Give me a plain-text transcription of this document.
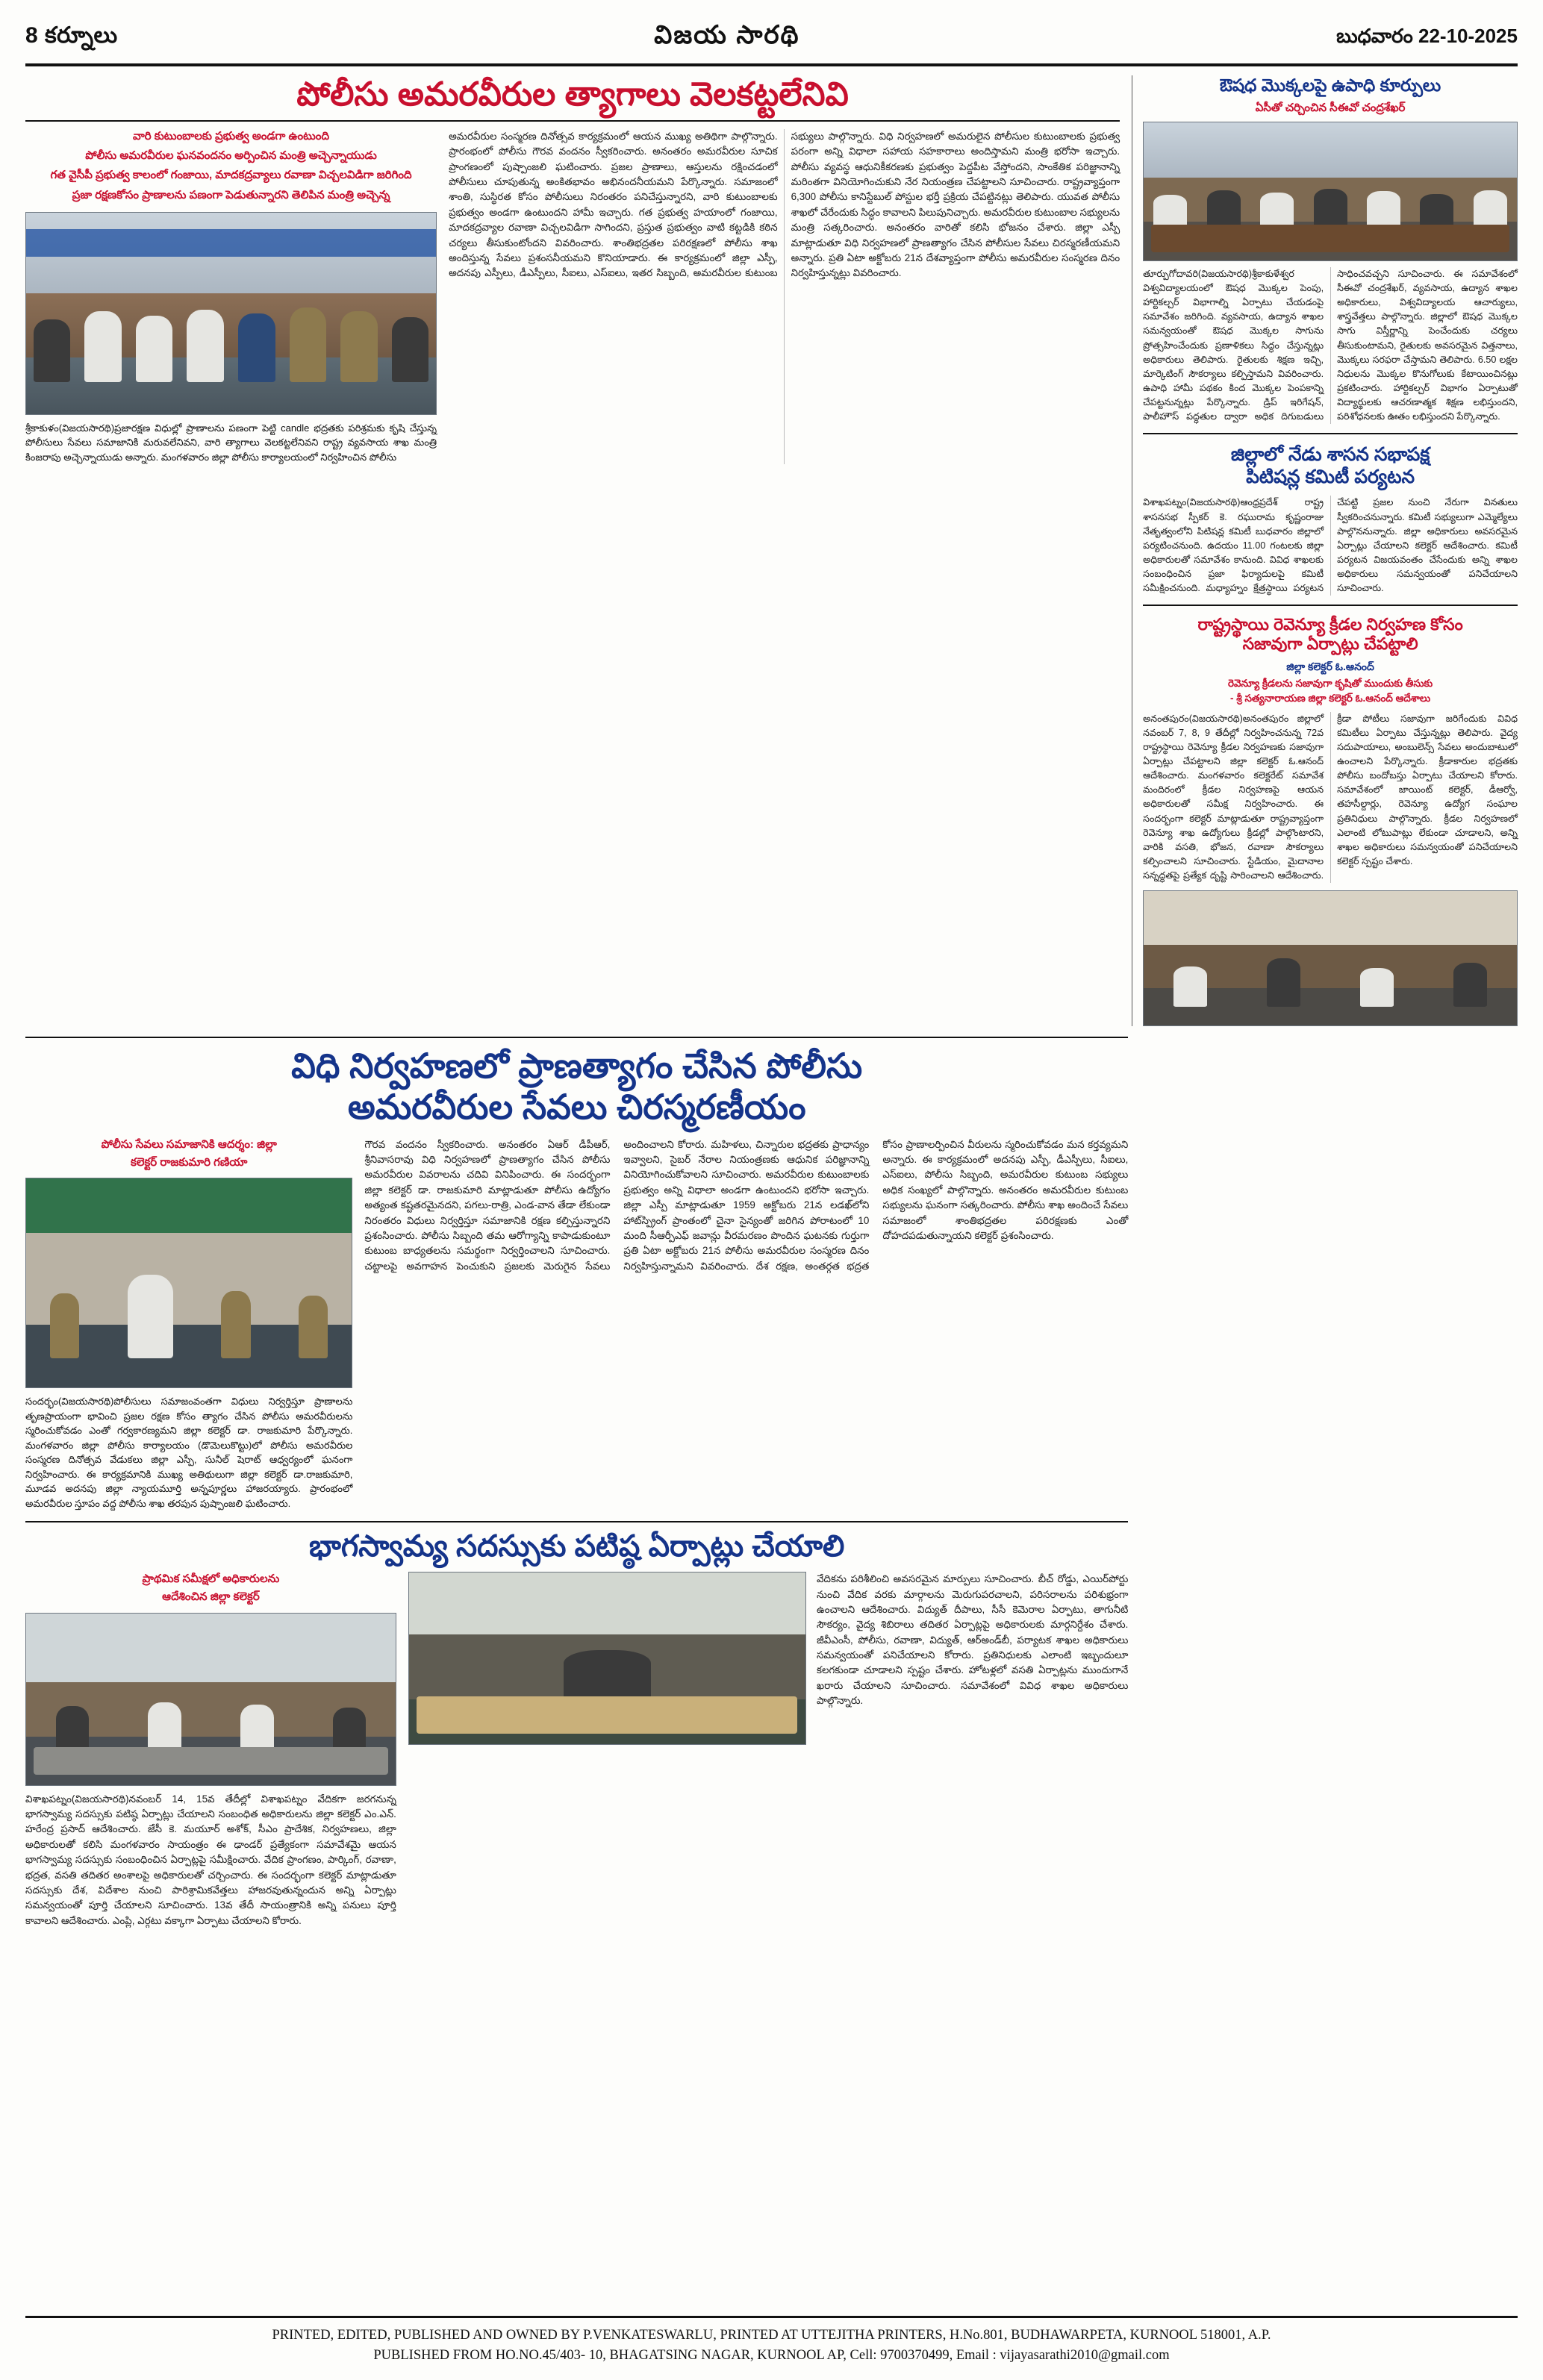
8 కర్నూలు	విజయ సారథి	బుధవారం 22-10-2025
పోలీసు అమరవీరుల త్యాగాలు వెలకట్టలేనివి
వారి కుటుంబాలకు ప్రభుత్వ అండగా ఉంటుంది
పోలీసు అమరవీరుల ఘనవందనం అర్పించిన మంత్రి అచ్చెన్నాయుడు
గత వైసీపీ ప్రభుత్వ కాలంలో గంజాయి, మాదకద్రవ్యాలు రవాణా విచ్చలవిడిగా జరిగింది
ప్రజా రక్షణకోసం ప్రాణాలను పణంగా పెడుతున్నారని తెలిపిన మంత్రి అచ్చెన్న
శ్రీకాకుళం(విజయసారథి)ప్రజారక్షణ విధుల్లో ప్రాణాలను పణంగా పెట్టి candle భద్రతకు పరిశ్రమకు కృషి చేస్తున్న పోలీసులు సేవలు సమాజానికి మరువలేనివని, వారి త్యాగాలు వెలకట్టలేనివని రాష్ట్ర వ్యవసాయ శాఖ మంత్రి కింజరాపు అచ్చెన్నాయుడు అన్నారు. మంగళవారం జిల్లా పోలీసు కార్యాలయంలో నిర్వహించిన పోలీసు
అమరవీరుల సంస్మరణ దినోత్సవ కార్యక్రమంలో ఆయన ముఖ్య అతిథిగా పాల్గొన్నారు. ప్రారంభంలో పోలీసు గౌరవ వందనం స్వీకరించారు. అనంతరం అమరవీరుల సూచిక ప్రాంగణంలో పుష్పాంజలి ఘటించారు. ప్రజల ప్రాణాలు, ఆస్తులను రక్షించడంలో పోలీసులు చూపుతున్న అంకితభావం అభినందనీయమని పేర్కొన్నారు. సమాజంలో శాంతి, సుస్థిరత కోసం పోలీసులు నిరంతరం పనిచేస్తున్నారని, వారి కుటుంబాలకు ప్రభుత్వం అండగా ఉంటుందని హామీ ఇచ్చారు. గత ప్రభుత్వ హయాంలో గంజాయి, మాదకద్రవ్యాల రవాణా విచ్చలవిడిగా సాగిందని, ప్రస్తుత ప్రభుత్వం వాటి కట్టడికి కఠిన చర్యలు తీసుకుంటోందని వివరించారు. శాంతిభద్రతల పరిరక్షణలో పోలీసు శాఖ అందిస్తున్న సేవలు ప్రశంసనీయమని కొనియాడారు. ఈ కార్యక్రమంలో జిల్లా ఎస్పీ, అదనపు ఎస్పీలు, డీఎస్పీలు, సీఐలు, ఎస్‌ఐలు, ఇతర సిబ్బంది, అమరవీరుల కుటుంబ సభ్యులు పాల్గొన్నారు. విధి నిర్వహణలో అమరులైన పోలీసుల కుటుంబాలకు ప్రభుత్వ పరంగా అన్ని విధాలా సహాయ సహకారాలు అందిస్తామని మంత్రి భరోసా ఇచ్చారు. పోలీసు వ్యవస్థ ఆధునికీకరణకు ప్రభుత్వం పెద్దపీట వేస్తోందని, సాంకేతిక పరిజ్ఞానాన్ని మరింతగా వినియోగించుకుని నేర నియంత్రణ చేపట్టాలని సూచించారు. రాష్ట్రవ్యాప్తంగా 6,300 పోలీసు కానిస్టేబుల్ పోస్టుల భర్తీ ప్రక్రియ చేపట్టినట్లు తెలిపారు. యువత పోలీసు శాఖలో చేరేందుకు సిద్ధం కావాలని పిలుపునిచ్చారు. అమరవీరుల కుటుంబాల సభ్యులను మంత్రి సత్కరించారు. అనంతరం వారితో కలిసి భోజనం చేశారు. జిల్లా ఎస్పీ మాట్లాడుతూ విధి నిర్వహణలో ప్రాణత్యాగం చేసిన పోలీసుల సేవలు చిరస్మరణీయమని అన్నారు. ప్రతి ఏటా అక్టోబరు 21న దేశవ్యాప్తంగా పోలీసు అమరవీరుల సంస్మరణ దినం నిర్వహిస్తున్నట్లు వివరించారు.
ఔషధ మొక్కలపై ఉపాధి కూర్పులు
ఏసీతో చర్చించిన సీఈవో చంద్రశేఖర్
తూర్పుగోదావరి(విజయసారథి)శ్రీకాకుళేశ్వర విశ్వవిద్యాలయంలో ఔషధ మొక్కల పెంపు, హార్టికల్చర్ విభాగాల్ని ఏర్పాటు చేయడంపై సమావేశం జరిగింది. వ్యవసాయ, ఉద్యాన శాఖల సమన్వయంతో ఔషధ మొక్కల సాగును ప్రోత్సహించేందుకు ప్రణాళికలు సిద్ధం చేస్తున్నట్లు అధికారులు తెలిపారు. రైతులకు శిక్షణ ఇచ్చి, మార్కెటింగ్ సౌకర్యాలు కల్పిస్తామని వివరించారు. ఉపాధి హామీ పథకం కింద మొక్కల పెంపకాన్ని చేపట్టనున్నట్లు పేర్కొన్నారు. డ్రిప్ ఇరిగేషన్, పాలీహౌస్ పద్ధతుల ద్వారా అధిక దిగుబడులు సాధించవచ్చని సూచించారు. ఈ సమావేశంలో సీఈవో చంద్రశేఖర్, వ్యవసాయ, ఉద్యాన శాఖల అధికారులు, విశ్వవిద్యాలయ ఆచార్యులు, శాస్త్రవేత్తలు పాల్గొన్నారు. జిల్లాలో ఔషధ మొక్కల సాగు విస్తీర్ణాన్ని పెంచేందుకు చర్యలు తీసుకుంటామని, రైతులకు అవసరమైన విత్తనాలు, మొక్కలు సరఫరా చేస్తామని తెలిపారు. 6.50 లక్షల నిధులను మొక్కల కొనుగోలుకు కేటాయించినట్లు ప్రకటించారు. హార్టికల్చర్ విభాగం ఏర్పాటుతో విద్యార్థులకు ఆచరణాత్మక శిక్షణ లభిస్తుందని, పరిశోధనలకు ఊతం లభిస్తుందని పేర్కొన్నారు.
జిల్లాలో నేడు శాసన సభాపక్ష
పిటిషన్ల కమిటీ పర్యటన
విశాఖపట్నం(విజయసారథి)ఆంధ్రప్రదేశ్ రాష్ట్ర శాసనసభ స్పీకర్ కె. రఘురామ కృష్ణంరాజు నేతృత్వంలోని పిటిషన్ల కమిటీ బుధవారం జిల్లాలో పర్యటించనుంది. ఉదయం 11.00 గంటలకు జిల్లా అధికారులతో సమావేశం కానుంది. వివిధ శాఖలకు సంబంధించిన ప్రజా ఫిర్యాదులపై కమిటీ సమీక్షించనుంది. మధ్యాహ్నం క్షేత్రస్థాయి పర్యటన చేపట్టి ప్రజల నుంచి నేరుగా వినతులు స్వీకరించనున్నారు. కమిటీ సభ్యులుగా ఎమ్మెల్యేలు పాల్గొననున్నారు. జిల్లా అధికారులు అవసరమైన ఏర్పాట్లు చేయాలని కలెక్టర్ ఆదేశించారు. కమిటీ పర్యటన విజయవంతం చేసేందుకు అన్ని శాఖల అధికారులు సమన్వయంతో పనిచేయాలని సూచించారు.
రాష్ట్రస్థాయి రెవెన్యూ క్రీడల నిర్వహణ కోసం
సజావుగా ఏర్పాట్లు చేపట్టాలి
జిల్లా కలెక్టర్ ఓ.ఆనంద్
రెవెన్యూ క్రీడలను సజావుగా కృషితో ముందుకు తీసుకు
- శ్రీ సత్యనారాయణ జిల్లా కలెక్టర్ ఓ.ఆనంద్ ఆదేశాలు
అనంతపురం(విజయసారథి)అనంతపురం జిల్లాలో నవంబర్ 7, 8, 9 తేదీల్లో నిర్వహించనున్న 72వ రాష్ట్రస్థాయి రెవెన్యూ క్రీడల నిర్వహణకు సజావుగా ఏర్పాట్లు చేపట్టాలని జిల్లా కలెక్టర్ ఓ.ఆనంద్ ఆదేశించారు. మంగళవారం కలెక్టరేట్ సమావేశ మందిరంలో క్రీడల నిర్వహణపై ఆయన అధికారులతో సమీక్ష నిర్వహించారు. ఈ సందర్భంగా కలెక్టర్ మాట్లాడుతూ రాష్ట్రవ్యాప్తంగా రెవెన్యూ శాఖ ఉద్యోగులు క్రీడల్లో పాల్గొంటారని, వారికి వసతి, భోజన, రవాణా సౌకర్యాలు కల్పించాలని సూచించారు. స్టేడియం, మైదానాల సన్నద్ధతపై ప్రత్యేక దృష్టి సారించాలని ఆదేశించారు. క్రీడా పోటీలు సజావుగా జరిగేందుకు వివిధ కమిటీలు ఏర్పాటు చేస్తున్నట్లు తెలిపారు. వైద్య సదుపాయాలు, అంబులెన్స్ సేవలు అందుబాటులో ఉంచాలని పేర్కొన్నారు. క్రీడాకారుల భద్రతకు పోలీసు బందోబస్తు ఏర్పాటు చేయాలని కోరారు. సమావేశంలో జాయింట్ కలెక్టర్, డీఆర్వో, తహసీల్దార్లు, రెవెన్యూ ఉద్యోగ సంఘాల ప్రతినిధులు పాల్గొన్నారు. క్రీడల నిర్వహణలో ఎలాంటి లోటుపాట్లు లేకుండా చూడాలని, అన్ని శాఖల అధికారులు సమన్వయంతో పనిచేయాలని కలెక్టర్ స్పష్టం చేశారు.
విధి నిర్వహణలో ప్రాణత్యాగం చేసిన పోలీసు
అమరవీరుల సేవలు చిరస్మరణీయం
పోలీసు సేవలు సమాజానికి ఆదర్శం: జిల్లా
కలెక్టర్ రాజకుమారి గణియా
సందర్భం(విజయసారథి)పోలీసులు సమాజంవంతగా విధులు నిర్వర్తిస్తూ ప్రాణాలను తృణప్రాయంగా భావించి ప్రజల రక్షణ కోసం త్యాగం చేసిన పోలీసు అమరవీరులను స్మరించుకోవడం ఎంతో గర్వకారణ్యమని జిల్లా కలెక్టర్ డా. రాజకుమారి పేర్కొన్నారు. మంగళవారం జిల్లా పోలీసు కార్యాలయం (డొమెలుకొట్టు)లో పోలీసు అమరవీరుల సంస్మరణ దినోత్సవ వేడుకలు జిల్లా ఎస్పీ, సునీల్ షెరాట్ ఆధ్వర్యంలో ఘనంగా నిర్వహించారు. ఈ కార్యక్రమానికి ముఖ్య అతిథులుగా జిల్లా కలెక్టర్ డా.రాజకుమారి, మూడవ అదనపు జిల్లా న్యాయమూర్తి అన్నపూర్ణలు హాజరయ్యారు. ప్రారంభంలో అమరవీరుల స్తూపం వద్ద పోలీసు శాఖ తరపున పుష్పాంజలి ఘటించారు.
గౌరవ వందనం స్వీకరించారు. అనంతరం ఏఆర్ డీపీఆర్, శ్రీనివాసరావు విధి నిర్వహణలో ప్రాణత్యాగం చేసిన పోలీసు అమరవీరుల వివరాలను చదివి వినిపించారు. ఈ సందర్భంగా జిల్లా కలెక్టర్ డా. రాజకుమారి మాట్లాడుతూ పోలీసు ఉద్యోగం అత్యంత కష్టతరమైనదని, పగలు-రాత్రి, ఎండ-వాన తేడా లేకుండా నిరంతరం విధులు నిర్వర్తిస్తూ సమాజానికి రక్షణ కల్పిస్తున్నారని ప్రశంసించారు. పోలీసు సిబ్బంది తమ ఆరోగ్యాన్ని కాపాడుకుంటూ కుటుంబ బాధ్యతలను సమర్థంగా నిర్వర్తించాలని సూచించారు. చట్టాలపై అవగాహన పెంచుకుని ప్రజలకు మెరుగైన సేవలు అందించాలని కోరారు. మహిళలు, చిన్నారుల భద్రతకు ప్రాధాన్యం ఇవ్వాలని, సైబర్ నేరాల నియంత్రణకు ఆధునిక పరిజ్ఞానాన్ని వినియోగించుకోవాలని సూచించారు. అమరవీరుల కుటుంబాలకు ప్రభుత్వం అన్ని విధాలా అండగా ఉంటుందని భరోసా ఇచ్చారు. జిల్లా ఎస్పీ మాట్లాడుతూ 1959 అక్టోబరు 21న లడఖ్‌లోని హాట్‌స్ప్రింగ్ ప్రాంతంలో చైనా సైన్యంతో జరిగిన పోరాటంలో 10 మంది సీఆర్పీఎఫ్ జవాన్లు వీరమరణం పొందిన ఘటనకు గుర్తుగా ప్రతి ఏటా అక్టోబరు 21న పోలీసు అమరవీరుల సంస్మరణ దినం నిర్వహిస్తున్నామని వివరించారు. దేశ రక్షణ, అంతర్గత భద్రత కోసం ప్రాణాలర్పించిన వీరులను స్మరించుకోవడం మన కర్తవ్యమని అన్నారు. ఈ కార్యక్రమంలో అదనపు ఎస్పీ, డీఎస్పీలు, సీఐలు, ఎస్‌ఐలు, పోలీసు సిబ్బంది, అమరవీరుల కుటుంబ సభ్యులు అధిక సంఖ్యలో పాల్గొన్నారు. అనంతరం అమరవీరుల కుటుంబ సభ్యులను ఘనంగా సత్కరించారు. పోలీసు శాఖ అందించే సేవలు సమాజంలో శాంతిభద్రతల పరిరక్షణకు ఎంతో దోహదపడుతున్నాయని కలెక్టర్ ప్రశంసించారు.
భాగస్వామ్య సదస్సుకు పటిష్ఠ ఏర్పాట్లు చేయాలి
ప్రాథమిక సమీక్షలో అధికారులను
ఆదేశించిన జిల్లా కలెక్టర్
విశాఖపట్నం(విజయసారథి)నవంబర్ 14, 15వ తేదీల్లో విశాఖపట్నం వేదికగా జరగనున్న భాగస్వామ్య సదస్సుకు పటిష్ఠ ఏర్పాట్లు చేయాలని సంబంధిత అధికారులను జిల్లా కలెక్టర్ ఎం.ఎన్. హరేంద్ర ప్రసాద్ ఆదేశించారు. జేసీ కె. మయూర్ అశోక్, సీఎం ప్రాదేశిక, నిర్వహణలు, జిల్లా అధికారులతో కలిసి మంగళవారం సాయంత్రం ఈ ఢాండర్ ప్రత్యేకంగా సమావేశమై ఆయన భాగస్వామ్య సదస్సుకు సంబంధించిన ఏర్పాట్లపై సమీక్షించారు. వేదిక ప్రాంగణం, పార్కింగ్, రవాణా, భద్రత, వసతి తదితర అంశాలపై అధికారులతో చర్చించారు. ఈ సందర్భంగా కలెక్టర్ మాట్లాడుతూ సదస్సుకు దేశ, విదేశాల నుంచి పారిశ్రామికవేత్తలు హాజరవుతున్నందున అన్ని ఏర్పాట్లు సమన్వయంతో పూర్తి చేయాలని సూచించారు. 13వ తేదీ సాయంత్రానికి అన్ని పనులు పూర్తి కావాలని ఆదేశించారు. ఎంప్లి, ఎర్గటు వక్కాగా ఏర్పాటు చేయాలని కోరారు.
వేదికను పరిశీలించి అవసరమైన మార్పులు సూచించారు. బీచ్ రోడ్డు, ఎయిర్‌పోర్టు నుంచి వేదిక వరకు మార్గాలను మెరుగుపరచాలని, పరిసరాలను పరిశుభ్రంగా ఉంచాలని ఆదేశించారు. విద్యుత్ దీపాలు, సీసీ కెమెరాల ఏర్పాటు, తాగునీటి సౌకర్యం, వైద్య శిబిరాలు తదితర ఏర్పాట్లపై అధికారులకు మార్గనిర్దేశం చేశారు. జీవీఎంసీ, పోలీసు, రవాణా, విద్యుత్, ఆర్‌అండ్‌బీ, పర్యాటక శాఖల అధికారులు సమన్వయంతో పనిచేయాలని కోరారు. ప్రతినిధులకు ఎలాంటి ఇబ్బందులూ కలగకుండా చూడాలని స్పష్టం చేశారు. హోటళ్లలో వసతి ఏర్పాట్లను ముందుగానే ఖరారు చేయాలని సూచించారు. సమావేశంలో వివిధ శాఖల అధికారులు పాల్గొన్నారు.
PRINTED, EDITED, PUBLISHED AND OWNED BY P.VENKATESWARLU, PRINTED AT UTTEJITHA PRINTERS, H.No.801, BUDHAWARPETA, KURNOOL 518001, A.P.
PUBLISHED FROM HO.NO.45/403- 10, BHAGATSING NAGAR, KURNOOL AP, Cell: 9700370499, Email : vijayasarathi2010@gmail.com
